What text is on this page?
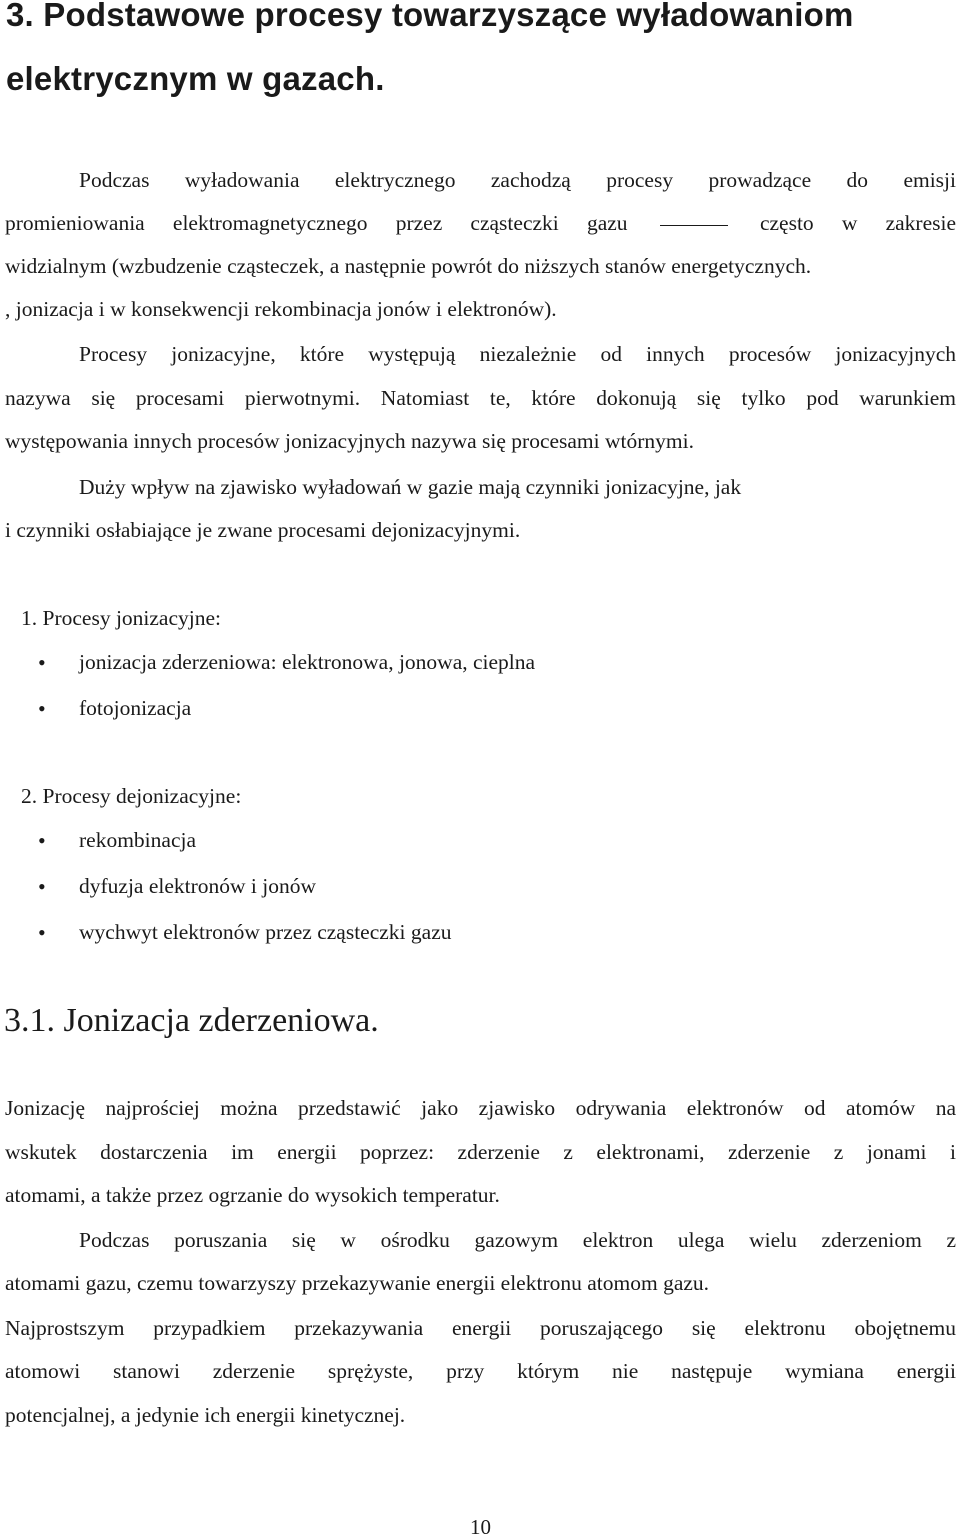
3. Podstawowe procesy towarzyszące wyładowaniom
elektrycznym w gazach.
Podczas wyładowania elektrycznego zachodzą procesy prowadzące do emisji
promieniowania elektromagnetycznego przez cząsteczki gazu	często w zakresie
widzialnym (wzbudzenie cząsteczek, a następnie powrót do niższych stanów energetycznych.
, jonizacja i w konsekwencji rekombinacja jonów i elektronów).
Procesy jonizacyjne, które występują niezależnie od innych procesów jonizacyjnych
nazywa się procesami pierwotnymi. Natomiast te, które dokonują się tylko pod warunkiem
występowania innych procesów jonizacyjnych nazywa się procesami wtórnymi.
Duży wpływ na zjawisko wyładowań w gazie mają czynniki jonizacyjne, jak
i czynniki osłabiające je zwane procesami dejonizacyjnymi.
1. Procesy jonizacyjne:
• jonizacja zderzeniowa: elektronowa, jonowa, cieplna
• fotojonizacja
2. Procesy dejonizacyjne:
• rekombinacja
• dyfuzja elektronów i jonów
• wychwyt elektronów przez cząsteczki gazu
3.1. Jonizacja zderzeniowa.
Jonizację najprościej można przedstawić jako zjawisko odrywania elektronów od atomów na
wskutek dostarczenia im energii poprzez: zderzenie z elektronami, zderzenie z jonami i
atomami, a także przez ogrzanie do wysokich temperatur.
Podczas poruszania się w ośrodku gazowym elektron ulega wielu zderzeniom z
atomami gazu, czemu towarzyszy przekazywanie energii elektronu atomom gazu.
Najprostszym przypadkiem przekazywania energii poruszającego się elektronu obojętnemu
atomowi stanowi zderzenie sprężyste, przy którym nie następuje wymiana energii
potencjalnej, a jedynie ich energii kinetycznej.
10
